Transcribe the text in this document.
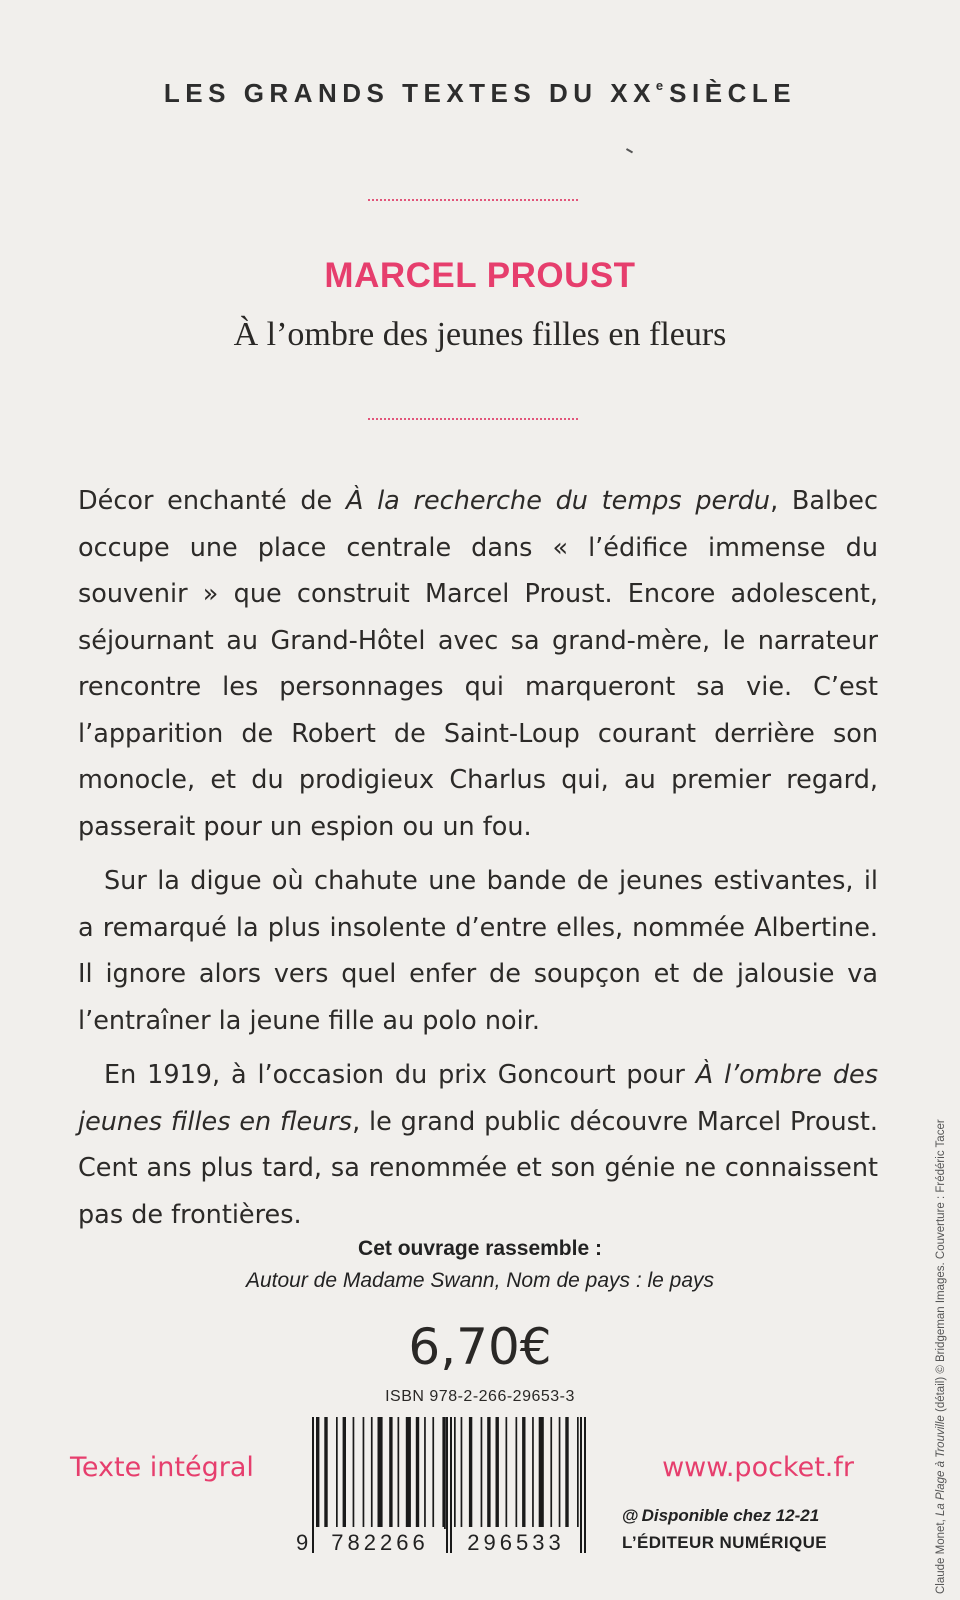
LES GRANDS TEXTES DU XXe SIÈCLE
MARCEL PROUST
À l’ombre des jeunes filles en fleurs

Décor enchanté de À la recherche du temps perdu, Balbec occupe une place centrale dans « l’édifice immense du souvenir » que construit Marcel Proust. Encore adolescent, séjournant au Grand-Hôtel avec sa grand-mère, le narrateur rencontre les personnages qui marqueront sa vie. C’est l’apparition de Robert de Saint-Loup courant derrière son monocle, et du prodigieux Charlus qui, au premier regard, passerait pour un espion ou un fou.

Sur la digue où chahute une bande de jeunes estivantes, il a remarqué la plus insolente d’entre elles, nommée Albertine. Il ignore alors vers quel enfer de soupçon et de jalousie va l’entraîner la jeune fille au polo noir.

En 1919, à l’occasion du prix Goncourt pour À l’ombre des jeunes filles en fleurs, le grand public découvre Marcel Proust. Cent ans plus tard, sa renommée et son génie ne connaissent pas de frontières.

Cet ouvrage rassemble :
Autour de Madame Swann, Nom de pays : le pays
6,70€
ISBN 978-2-266-29653-3
9 782266 296533
Texte intégral	www.pocket.fr
@ Disponible chez 12-21
L’ÉDITEUR NUMÉRIQUE	Claude Monet, La Plage à Trouville (détail) © Bridgeman Images. Couverture : Frédéric Tacer
